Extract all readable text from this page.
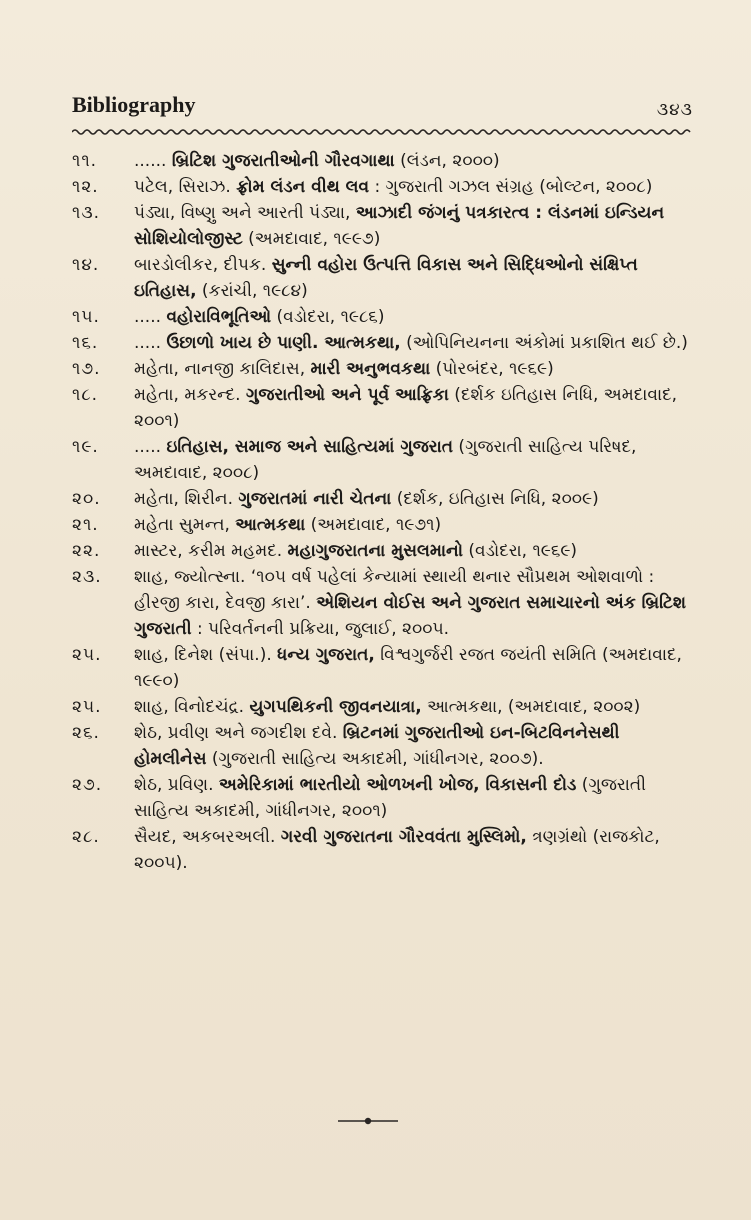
Bibliography	૩૪૩
૧૧.	...... બ્રિટિશ ગુજરાતીઓની ગૌરવગાથા (લંડન, ૨૦૦૦)
૧૨.	પટેલ, સિરાઝ. ફ્રોમ લંડન વીથ લવ : ગુજરાતી ગઝલ સંગ્રહ (બોલ્ટન, ૨૦૦૮)
૧૩.	પંડ્યા, વિષ્ણુ અને આરતી પંડ્યા, આઝાદી જંગનું પત્રકારત્વ : લંડનમાં ઇન્ડિયન સોશિયોલોજીસ્ટ (અમદાવાદ, ૧૯૯૭)
૧૪.	બારડોલીકર, દીપક. સુન્ની વહોરા ઉત્પત્તિ વિકાસ અને સિદ્ધિઓનો સંક્ષિપ્ત ઇતિહાસ, (કરાંચી, ૧૯૮૪)
૧૫.	..... વહોરાવિભૂતિઓ (વડોદરા, ૧૯૮૬)
૧૬.	..... ઉછાળો ખાય છે પાણી. આત્મકથા, (ઓપિનિયનના અંકોમાં પ્રકાશિત થઈ છે.)
૧૭.	મહેતા, નાનજી કાલિદાસ, મારી અનુભવકથા (પોરબંદર, ૧૯૬૯)
૧૮.	મહેતા, મકરન્દ. ગુજરાતીઓ અને પૂર્વ આફ્રિકા (દર્શક ઇતિહાસ નિધિ, અમદાવાદ, ૨૦૦૧)
૧૯.	..... ઇતિહાસ, સમાજ અને સાહિત્યમાં ગુજરાત (ગુજરાતી સાહિત્ય પરિષદ, અમદાવાદ, ૨૦૦૮)
૨૦.	મહેતા, શિરીન. ગુજરાતમાં નારી ચેતના (દર્શક, ઇતિહાસ નિધિ, ૨૦૦૯)
૨૧.	મહેતા સુમન્ત, આત્મકથા (અમદાવાદ, ૧૯૭૧)
૨૨.	માસ્ટર, કરીમ મહમદ. મહાગુજરાતના મુસલમાનો (વડોદરા, ૧૯૬૯)
૨૩.	શાહ, જ્યોત્સ્ના. ‘૧૦૫ વર્ષ પહેલાં કેન્યામાં સ્થાયી થનાર સૌપ્રથમ ઓશવાળો : હીરજી કારા, દેવજી કારા’. એશિયન વોઈસ અને ગુજરાત સમાચારનો અંક બ્રિટિશ ગુજરાતી : પરિવર્તનની પ્રક્રિયા, જુલાઈ, ૨૦૦૫.
૨૫.	શાહ, દિનેશ (સંપા.). ધન્ય ગુજરાત, વિશ્વગુર્જરી રજત જયંતી સમિતિ (અમદાવાદ, ૧૯૯૦)
૨૫.	શાહ, વિનોદચંદ્ર. યુગપથિકની જીવનયાત્રા, આત્મકથા, (અમદાવાદ, ૨૦૦૨)
૨૬.	શેઠ, પ્રવીણ અને જગદીશ દવે. બ્રિટનમાં ગુજરાતીઓ ઇન-બિટવિનનેસથી હોમલીનેસ (ગુજરાતી સાહિત્ય અકાદમી, ગાંધીનગર, ૨૦૦૭).
૨૭.	શેઠ, પ્રવિણ. અમેરિકામાં ભારતીયો ઓળખની ખોજ, વિકાસની દોડ (ગુજરાતી સાહિત્ય અકાદમી, ગાંધીનગર, ૨૦૦૧)
૨૮.	સૈયદ, અકબરઅલી. ગરવી ગુજરાતના ગૌરવવંતા મુસ્લિમો, ત્રણગ્રંથો (રાજકોટ, ૨૦૦૫).
